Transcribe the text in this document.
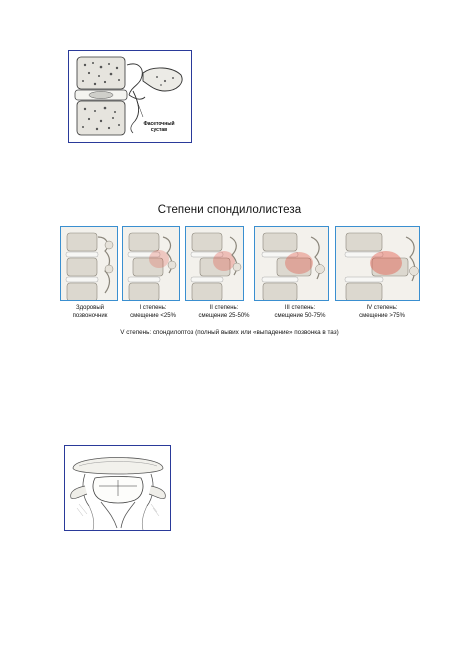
Фасеточный
сустав
Степени спондилолистеза
Здоровый
позвоночник
I степень:
смещение <25%
II степень:
смещение 25-50%
III степень:
смещение 50-75%
IV степень:
смещение >75%
V степень: спондилоптоз (полный вывих или «выпадение» позвонка в таз)
